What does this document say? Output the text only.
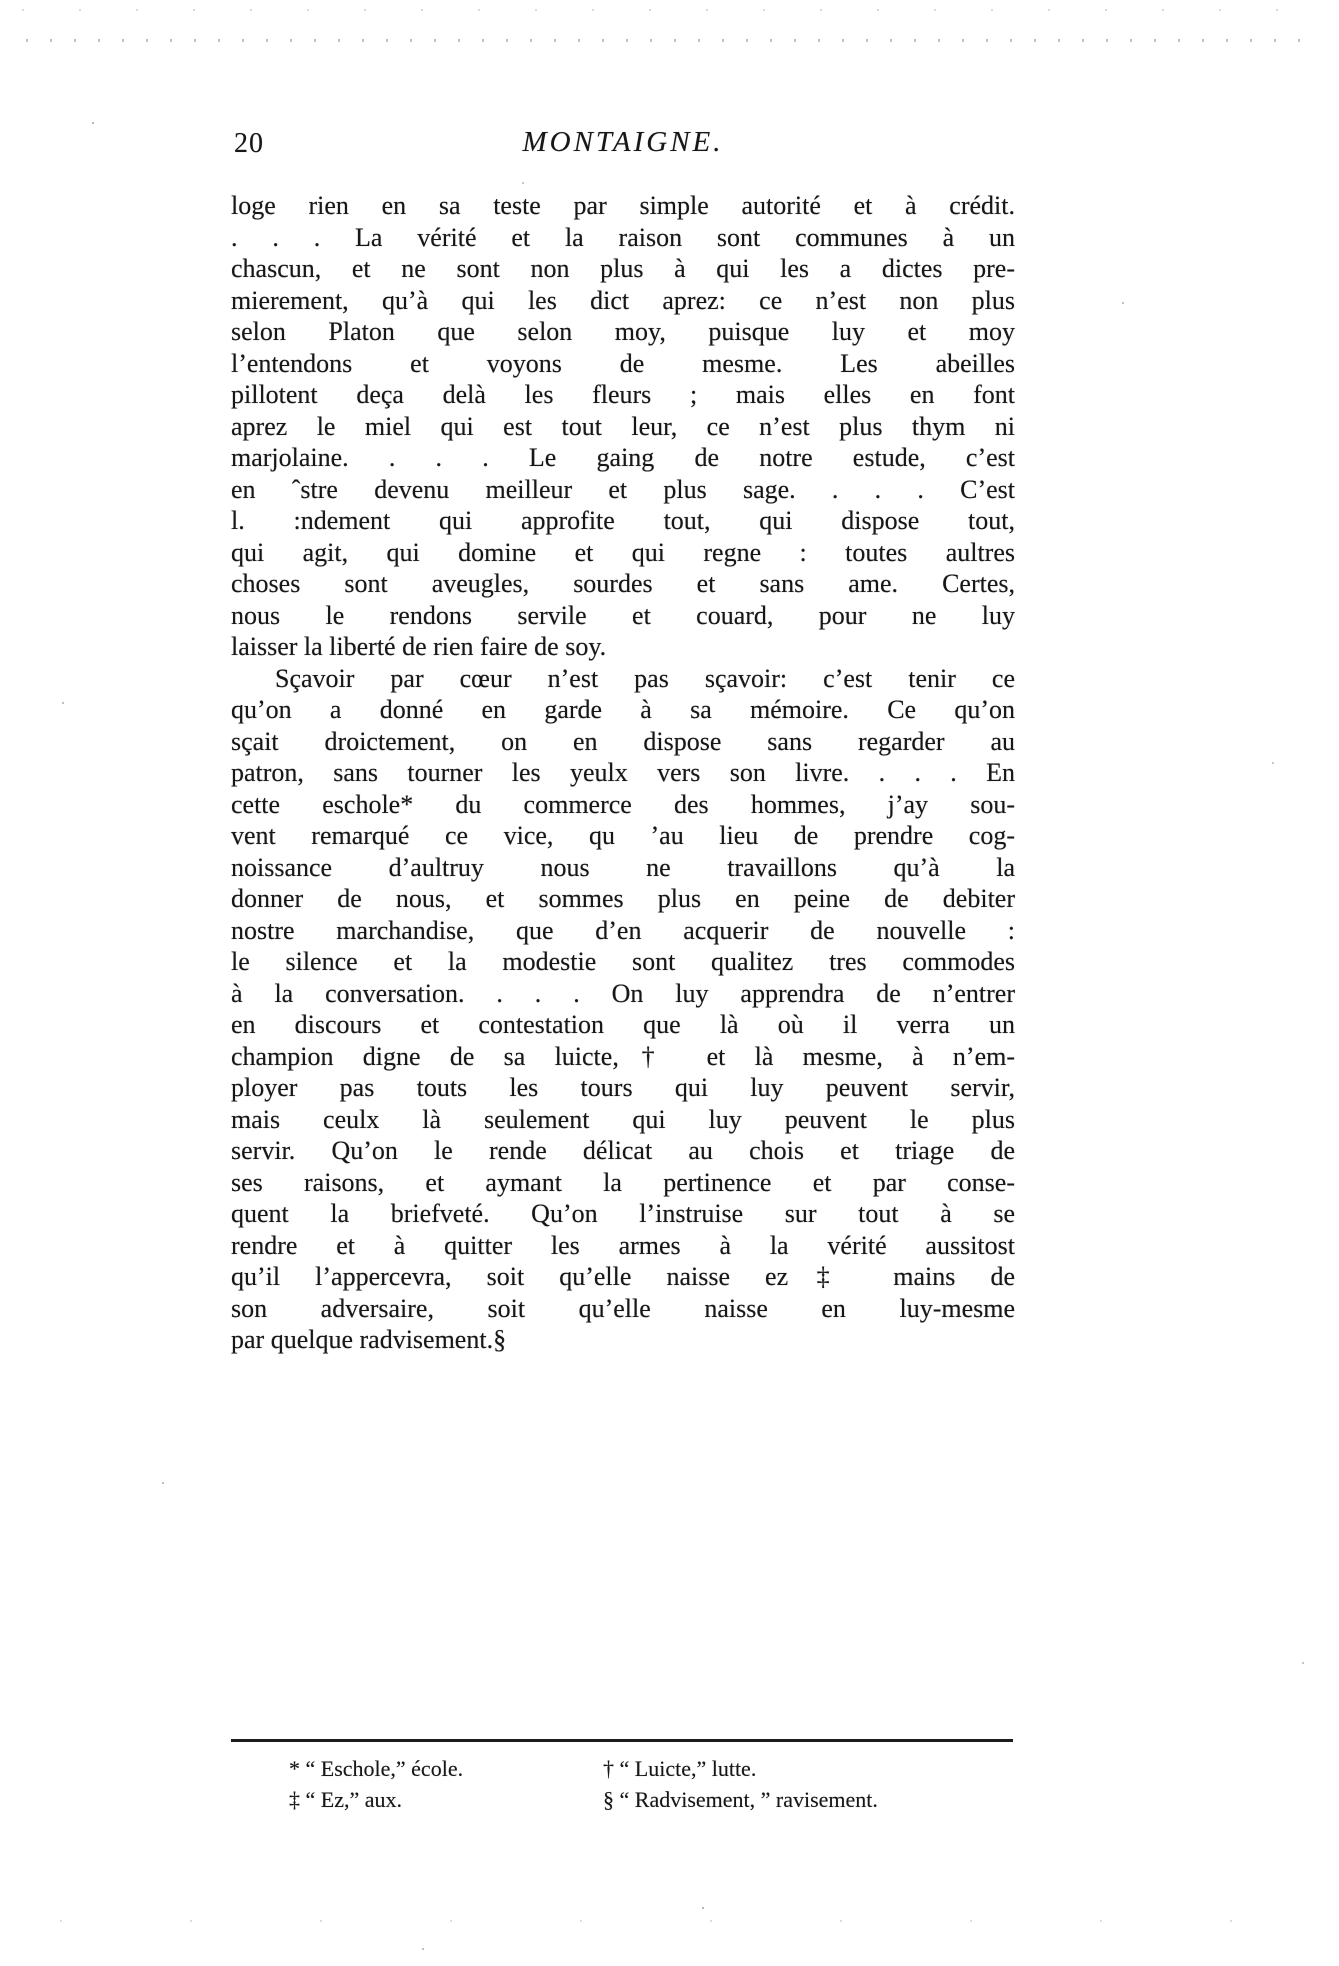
20	MONTAIGNE.
loge rien en sa teste par simple autorité et à crédit.
. . . La vérité et la raison sont communes à un
chascun, et ne sont non plus à qui les a dictes pre-
mierement, qu’à qui les dict aprez: ce n’est non plus
selon Platon que selon moy, puisque luy et moy
l’entendons et voyons de mesme. Les abeilles
pillotent deça delà les fleurs ; mais elles en font
aprez le miel qui est tout leur, ce n’est plus thym ni
marjolaine. . . . Le gaing de notre estude, c’est
en ˆstre devenu meilleur et plus sage. . . . C’est
l. :ndement qui approfite tout, qui dispose tout,
qui agit, qui domine et qui regne : toutes aultres
choses sont aveugles, sourdes et sans ame. Certes,
nous le rendons servile et couard, pour ne luy
laisser la liberté de rien faire de soy.
Sçavoir par cœur n’est pas sçavoir: c’est tenir ce
qu’on a donné en garde à sa mémoire. Ce qu’on
sçait droictement, on en dispose sans regarder au
patron, sans tourner les yeulx vers son livre. . . . En
cette eschole* du commerce des hommes, j’ay sou-
vent remarqué ce vice, qu ’au lieu de prendre cog-
noissance d’aultruy nous ne travaillons qu’à la
donner de nous, et sommes plus en peine de debiter
nostre marchandise, que d’en acquerir de nouvelle :
le silence et la modestie sont qualitez tres commodes
à la conversation. . . . On luy apprendra de n’entrer
en discours et contestation que là où il verra un
champion digne de sa luicte,† et là mesme, à n’em-
ployer pas touts les tours qui luy peuvent servir,
mais ceulx là seulement qui luy peuvent le plus
servir. Qu’on le rende délicat au chois et triage de
ses raisons, et aymant la pertinence et par conse-
quent la briefveté. Qu’on l’instruise sur tout à se
rendre et à quitter les armes à la vérité aussitost
qu’il l’appercevra, soit qu’elle naisse ez‡ mains de
son adversaire, soit qu’elle naisse en luy-mesme
par quelque radvisement.§
* “ Eschole,” école.	† “ Luicte,” lutte.
‡ “ Ez,” aux.	§ “ Radvisement, ” ravisement.
